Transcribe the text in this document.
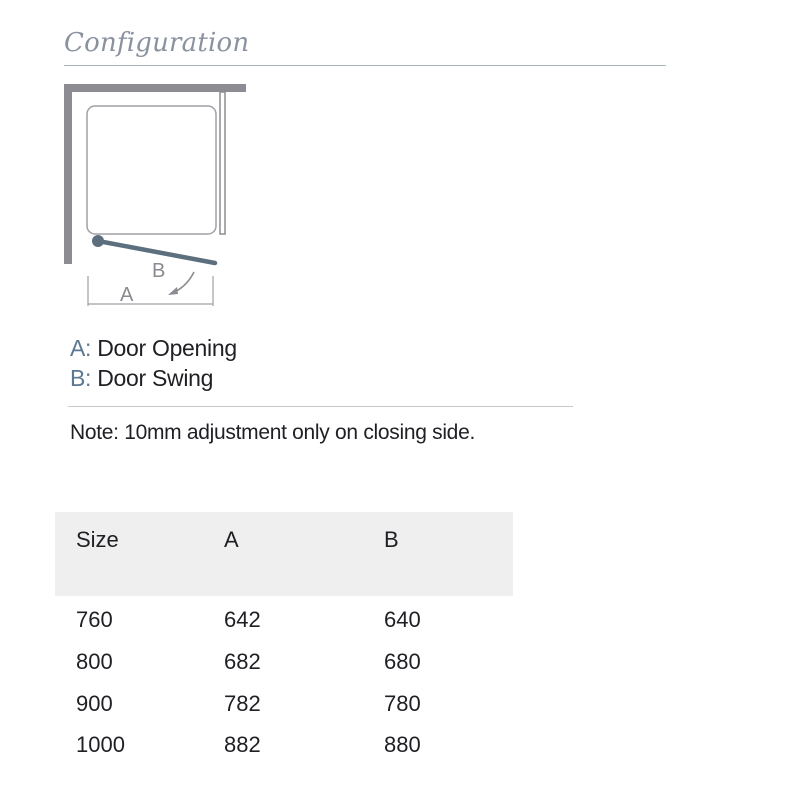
Configuration
A
B
A: Door Opening
B: Door Swing
Note: 10mm adjustment only on closing side.
Size	A	B
760	642	640
800	682	680
900	782	780
1000	882	880
